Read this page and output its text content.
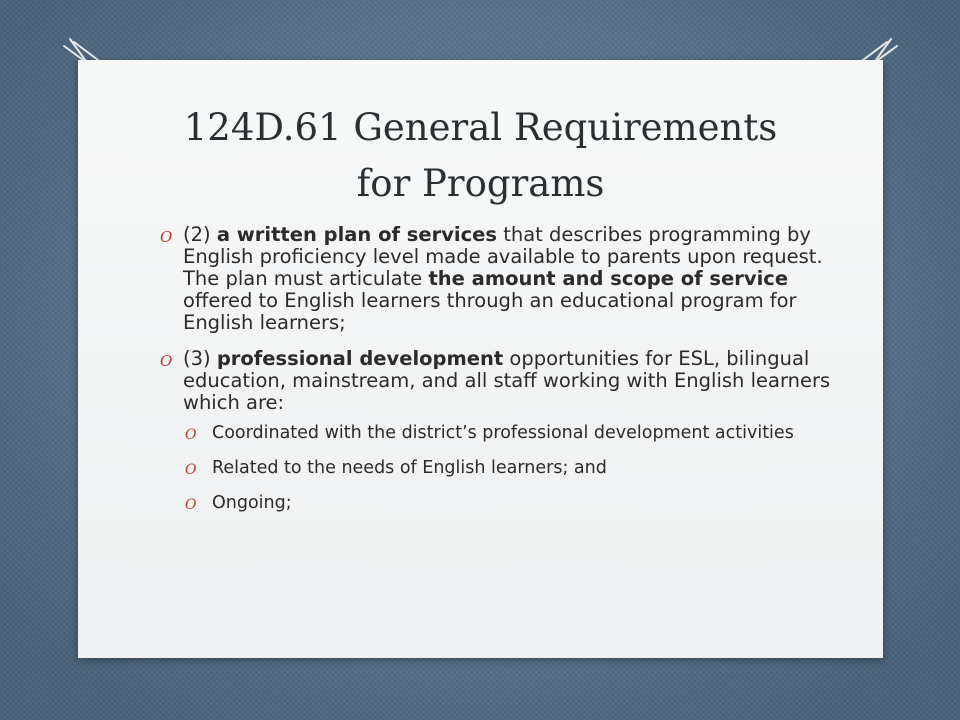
124D.61 General Requirements
for Programs
O (2) a written plan of services that describes programming by English proficiency level made available to parents upon request. The plan must articulate the amount and scope of service offered to English learners through an educational program for English learners;
O (3) professional development opportunities for ESL, bilingual education, mainstream, and all staff working with English learners which are:
O Coordinated with the district’s professional development activities
O Related to the needs of English learners; and
O Ongoing;
